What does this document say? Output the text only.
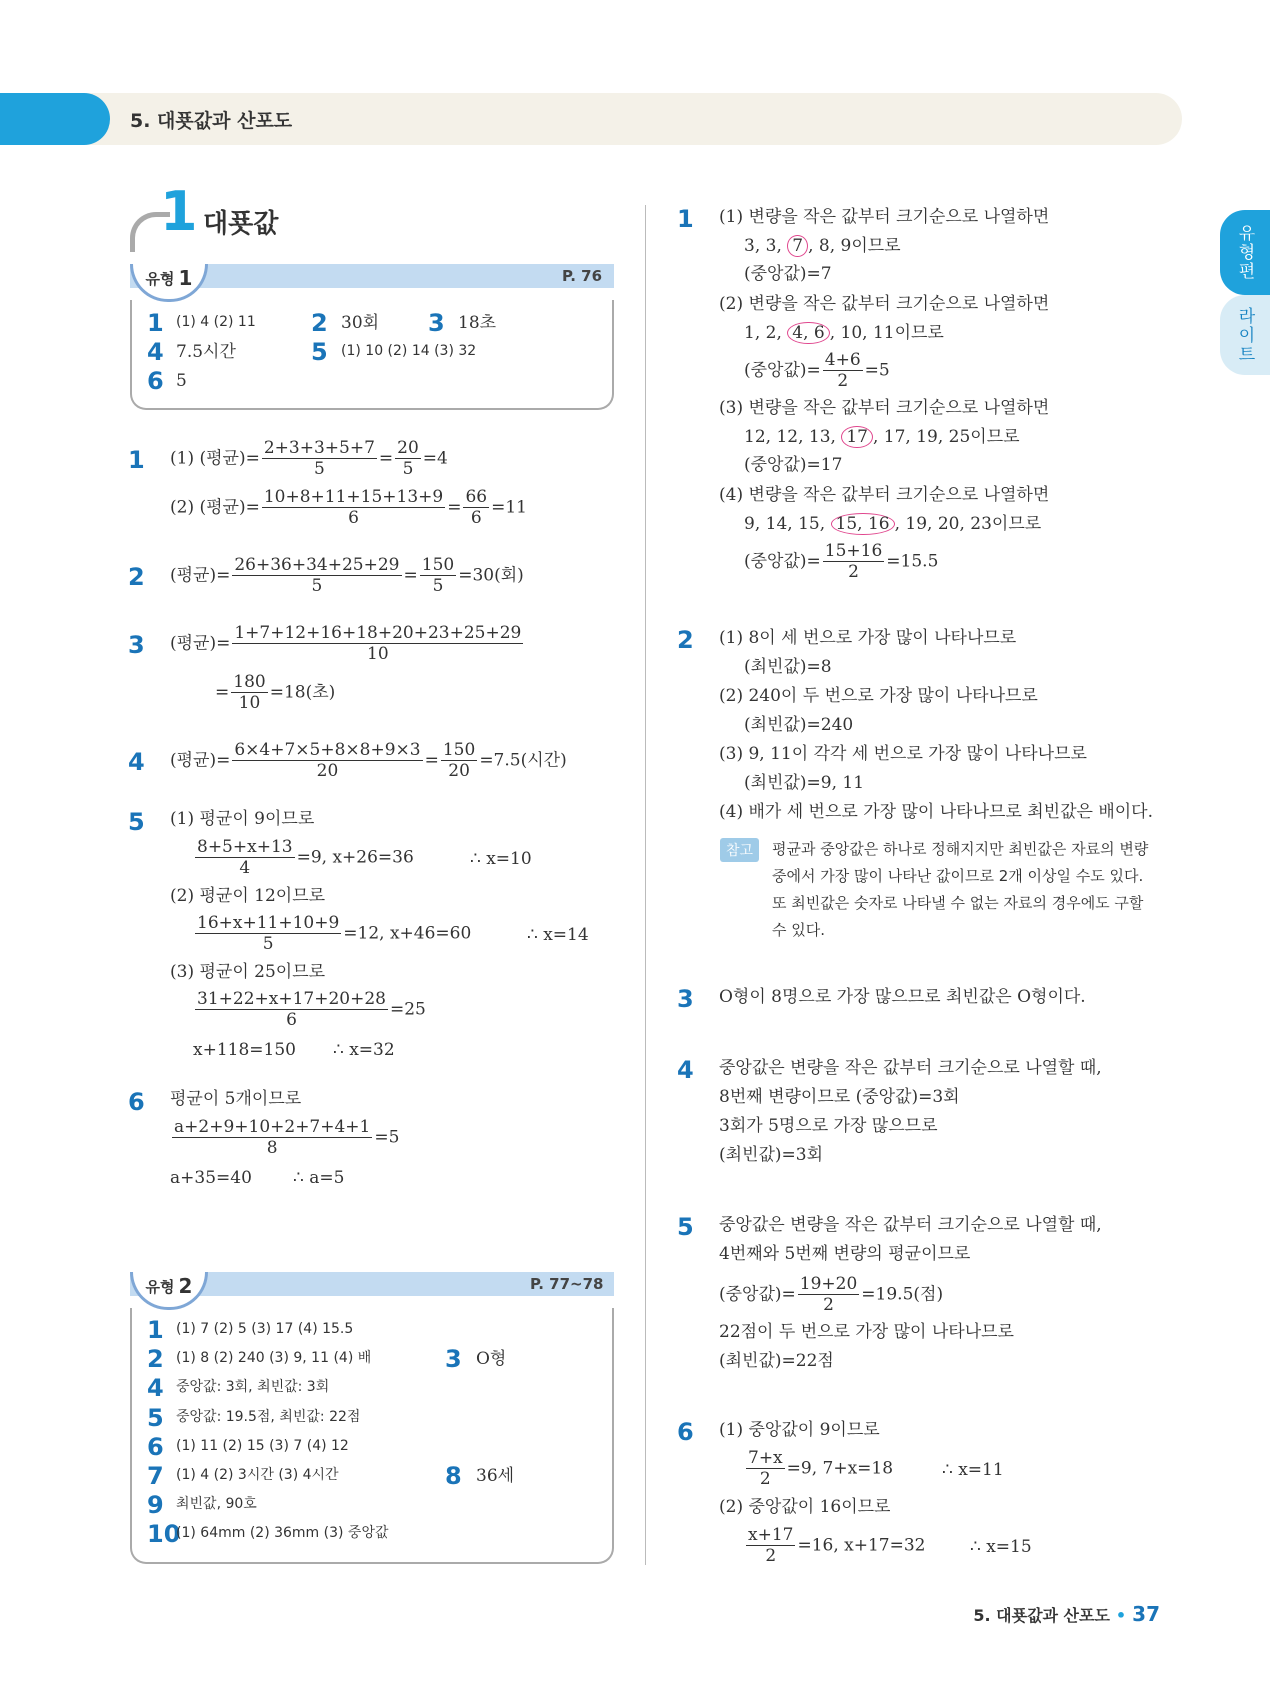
5. 대푯값과 산포도
유형편
라이트
1 대푯값
유형 1	P. 76
1 (1) 4 (2) 11 2 30회 3 18초
4 7.5시간	5 (1) 10 (2) 14 (3) 32
6 5
1 (1) (평균)= $\frac{2+3+3+5+7}{5} = \frac{20}{5} =4$
(2) (평균)= $\frac{10+8+11+15+13+9}{6} = \frac{66}{6} =11$
2 (평균)= $\frac{26+36+34+25+29}{5} = \frac{150}{5} =30$(회)
3 (평균)= $\frac{1+7+12+16+18+20+23+25+29}{10}$
= $\frac{180}{10} =18$(초)
4 (평균)= $\frac{6\times 4+7\times 5+8\times 8+9\times 3}{20} = \frac{150}{20} =7.5$(시간)
5 (1) 평균이 9이므로
$\frac{8+5+x+13}{4} =9$, x+26=36	∴ x=10
(2) 평균이 12이므로
$\frac{16+x+11+10+9}{5} =12$, x+46=60	∴ x=14
(3) 평균이 25이므로
$\frac{31+22+x+17+20+28}{6} =25$
x+118=150 ∴ x=32
6 평균이 5개이므로
$\frac{a+2+9+10+2+7+4+1}{8} =5$
a+35=40 ∴ a=5
유형 2	P. 77~78
1 (1) 7 (2) 5 (3) 17 (4) 15.5
2 (1) 8 (2) 240 (3) 9, 11 (4) 배	3 O형
4 중앙값: 3회, 최빈값: 3회
5 중앙값: 19.5점, 최빈값: 22점
6 (1) 11 (2) 15 (3) 7 (4) 12
7 (1) 4 (2) 3시간 (3) 4시간	8 36세
9 최빈값, 90호
10
(1) 64mm (2) 36mm (3) 중앙값
1 (1) 변량을 작은 값부터 크기순으로 나열하면
3, 3, 7 , 8, 9이므로
(중앙값)=7
(2) 변량을 작은 값부터 크기순으로 나열하면
1, 2, 4, 6 , 10, 11이므로
(중앙값)= $\frac{4+6}{2} =5$
(3) 변량을 작은 값부터 크기순으로 나열하면
12, 12, 13, 17 , 17, 19, 25이므로
(중앙값)=17
(4) 변량을 작은 값부터 크기순으로 나열하면
9, 14, 15, 15, 16 , 19, 20, 23이므로
(중앙값)= $\frac{15+16}{2} =15.5$
2 (1) 8이 세 번으로 가장 많이 나타나므로
(최빈값)=8
(2) 240이 두 번으로 가장 많이 나타나므로
(최빈값)=240
(3) 9, 11이 각각 세 번으로 가장 많이 나타나므로
(최빈값)=9, 11
(4) 배가 세 번으로 가장 많이 나타나므로 최빈값은 배이다.
참고	평균과 중앙값은 하나로 정해지지만 최빈값은 자료의 변량
중에서 가장 많이 나타난 값이므로 2개 이상일 수도 있다.
또 최빈값은 숫자로 나타낼 수 없는 자료의 경우에도 구할
수 있다.
3 O형이 8명으로 가장 많으므로 최빈값은 O형이다.
4 중앙값은 변량을 작은 값부터 크기순으로 나열할 때,
8번째 변량이므로 (중앙값)=3회
3회가 5명으로 가장 많으므로
(최빈값)=3회
5 중앙값은 변량을 작은 값부터 크기순으로 나열할 때,
4번째와 5번째 변량의 평균이므로
(중앙값)= $\frac{19+20}{2} =19.5$(점)
22점이 두 번으로 가장 많이 나타나므로
(최빈값)=22점
6 (1) 중앙값이 9이므로
$\frac{7+x}{2} =9$, 7+x=18	∴ x=11
(2) 중앙값이 16이므로
$\frac{x+17}{2} =16$, x+17=32	∴ x=15
5. 대푯값과 산포도 • 37
